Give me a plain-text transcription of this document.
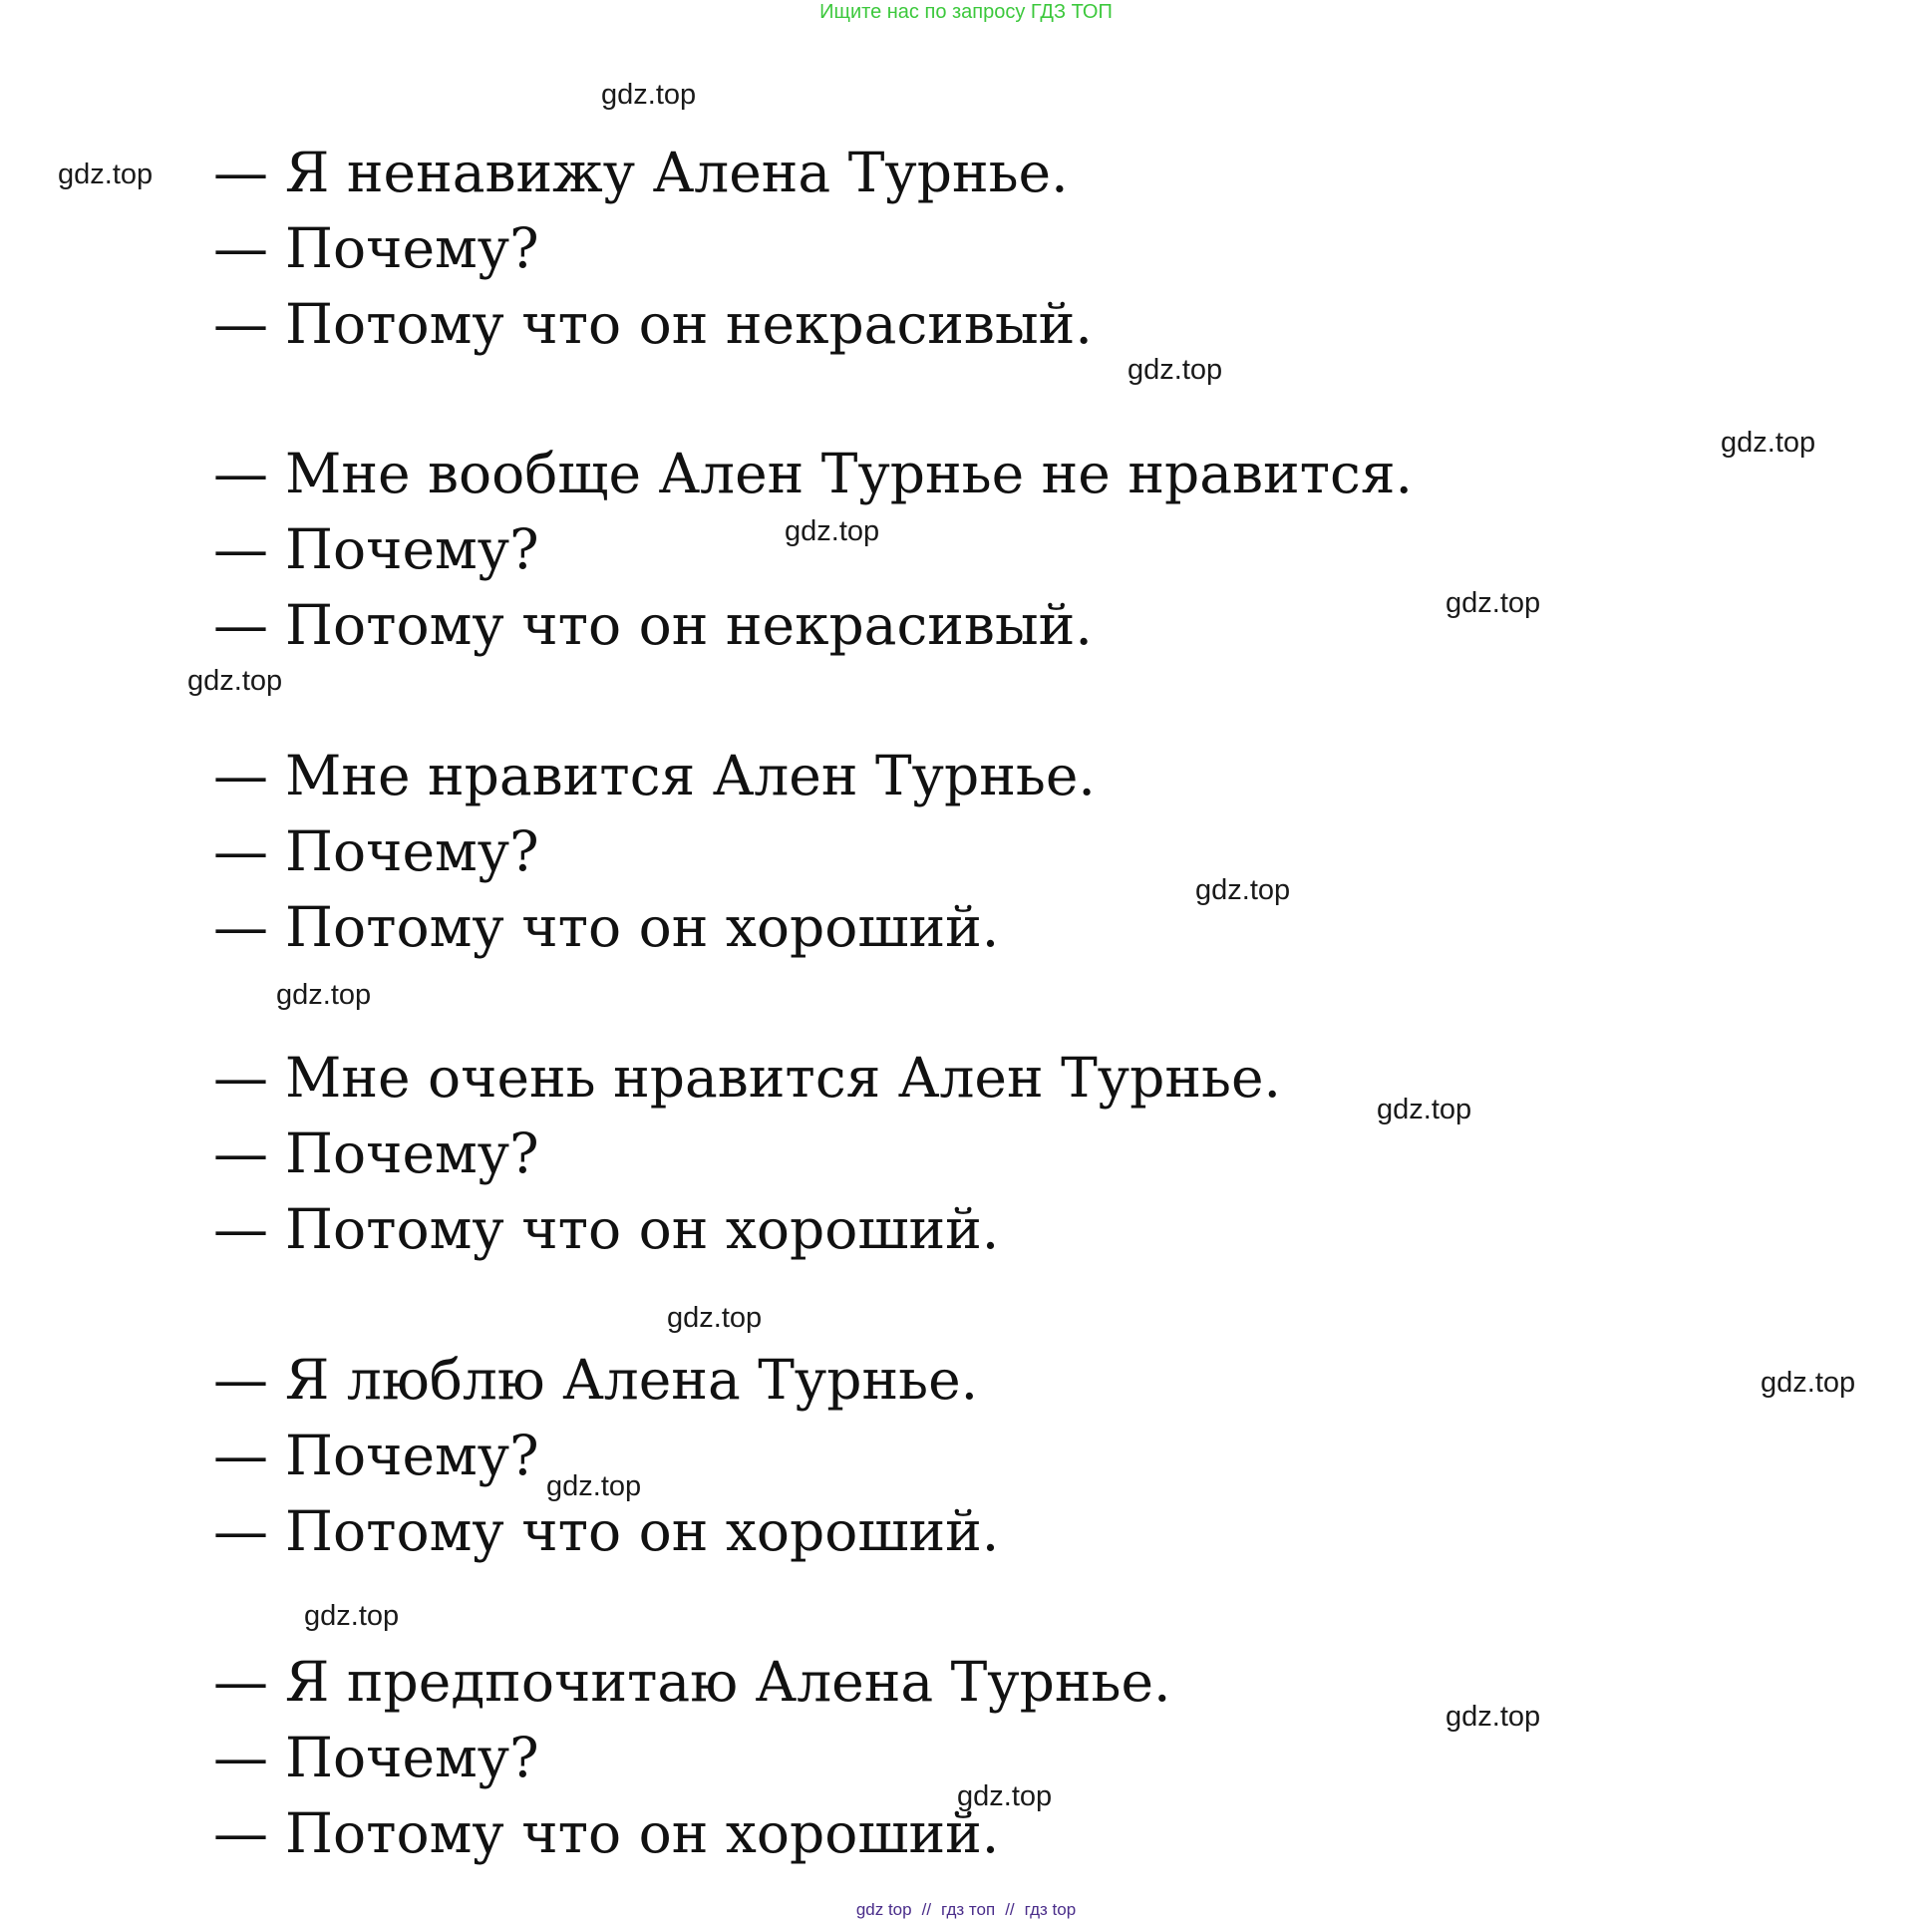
Ищите нас по запросу ГДЗ ТОП
— Я ненавижу Алена Турнье.
— Почему?
— Потому что он некрасивый.
— Мне вообще Ален Турнье не нравится.
— Почему?
— Потому что он некрасивый.
— Мне нравится Ален Турнье.
— Почему?
— Потому что он хороший.
— Мне очень нравится Ален Турнье.
— Почему?
— Потому что он хороший.
— Я люблю Алена Турнье.
— Почему?
— Потому что он хороший.
— Я предпочитаю Алена Турнье.
— Почему?
— Потому что он хороший.
gdz.top
gdz.top
gdz.top
gdz.top
gdz.top
gdz.top
gdz.top
gdz.top
gdz.top
gdz.top
gdz.top
gdz.top
gdz.top
gdz.top
gdz.top
gdz.top
gdz top // гдз топ // гдз top
